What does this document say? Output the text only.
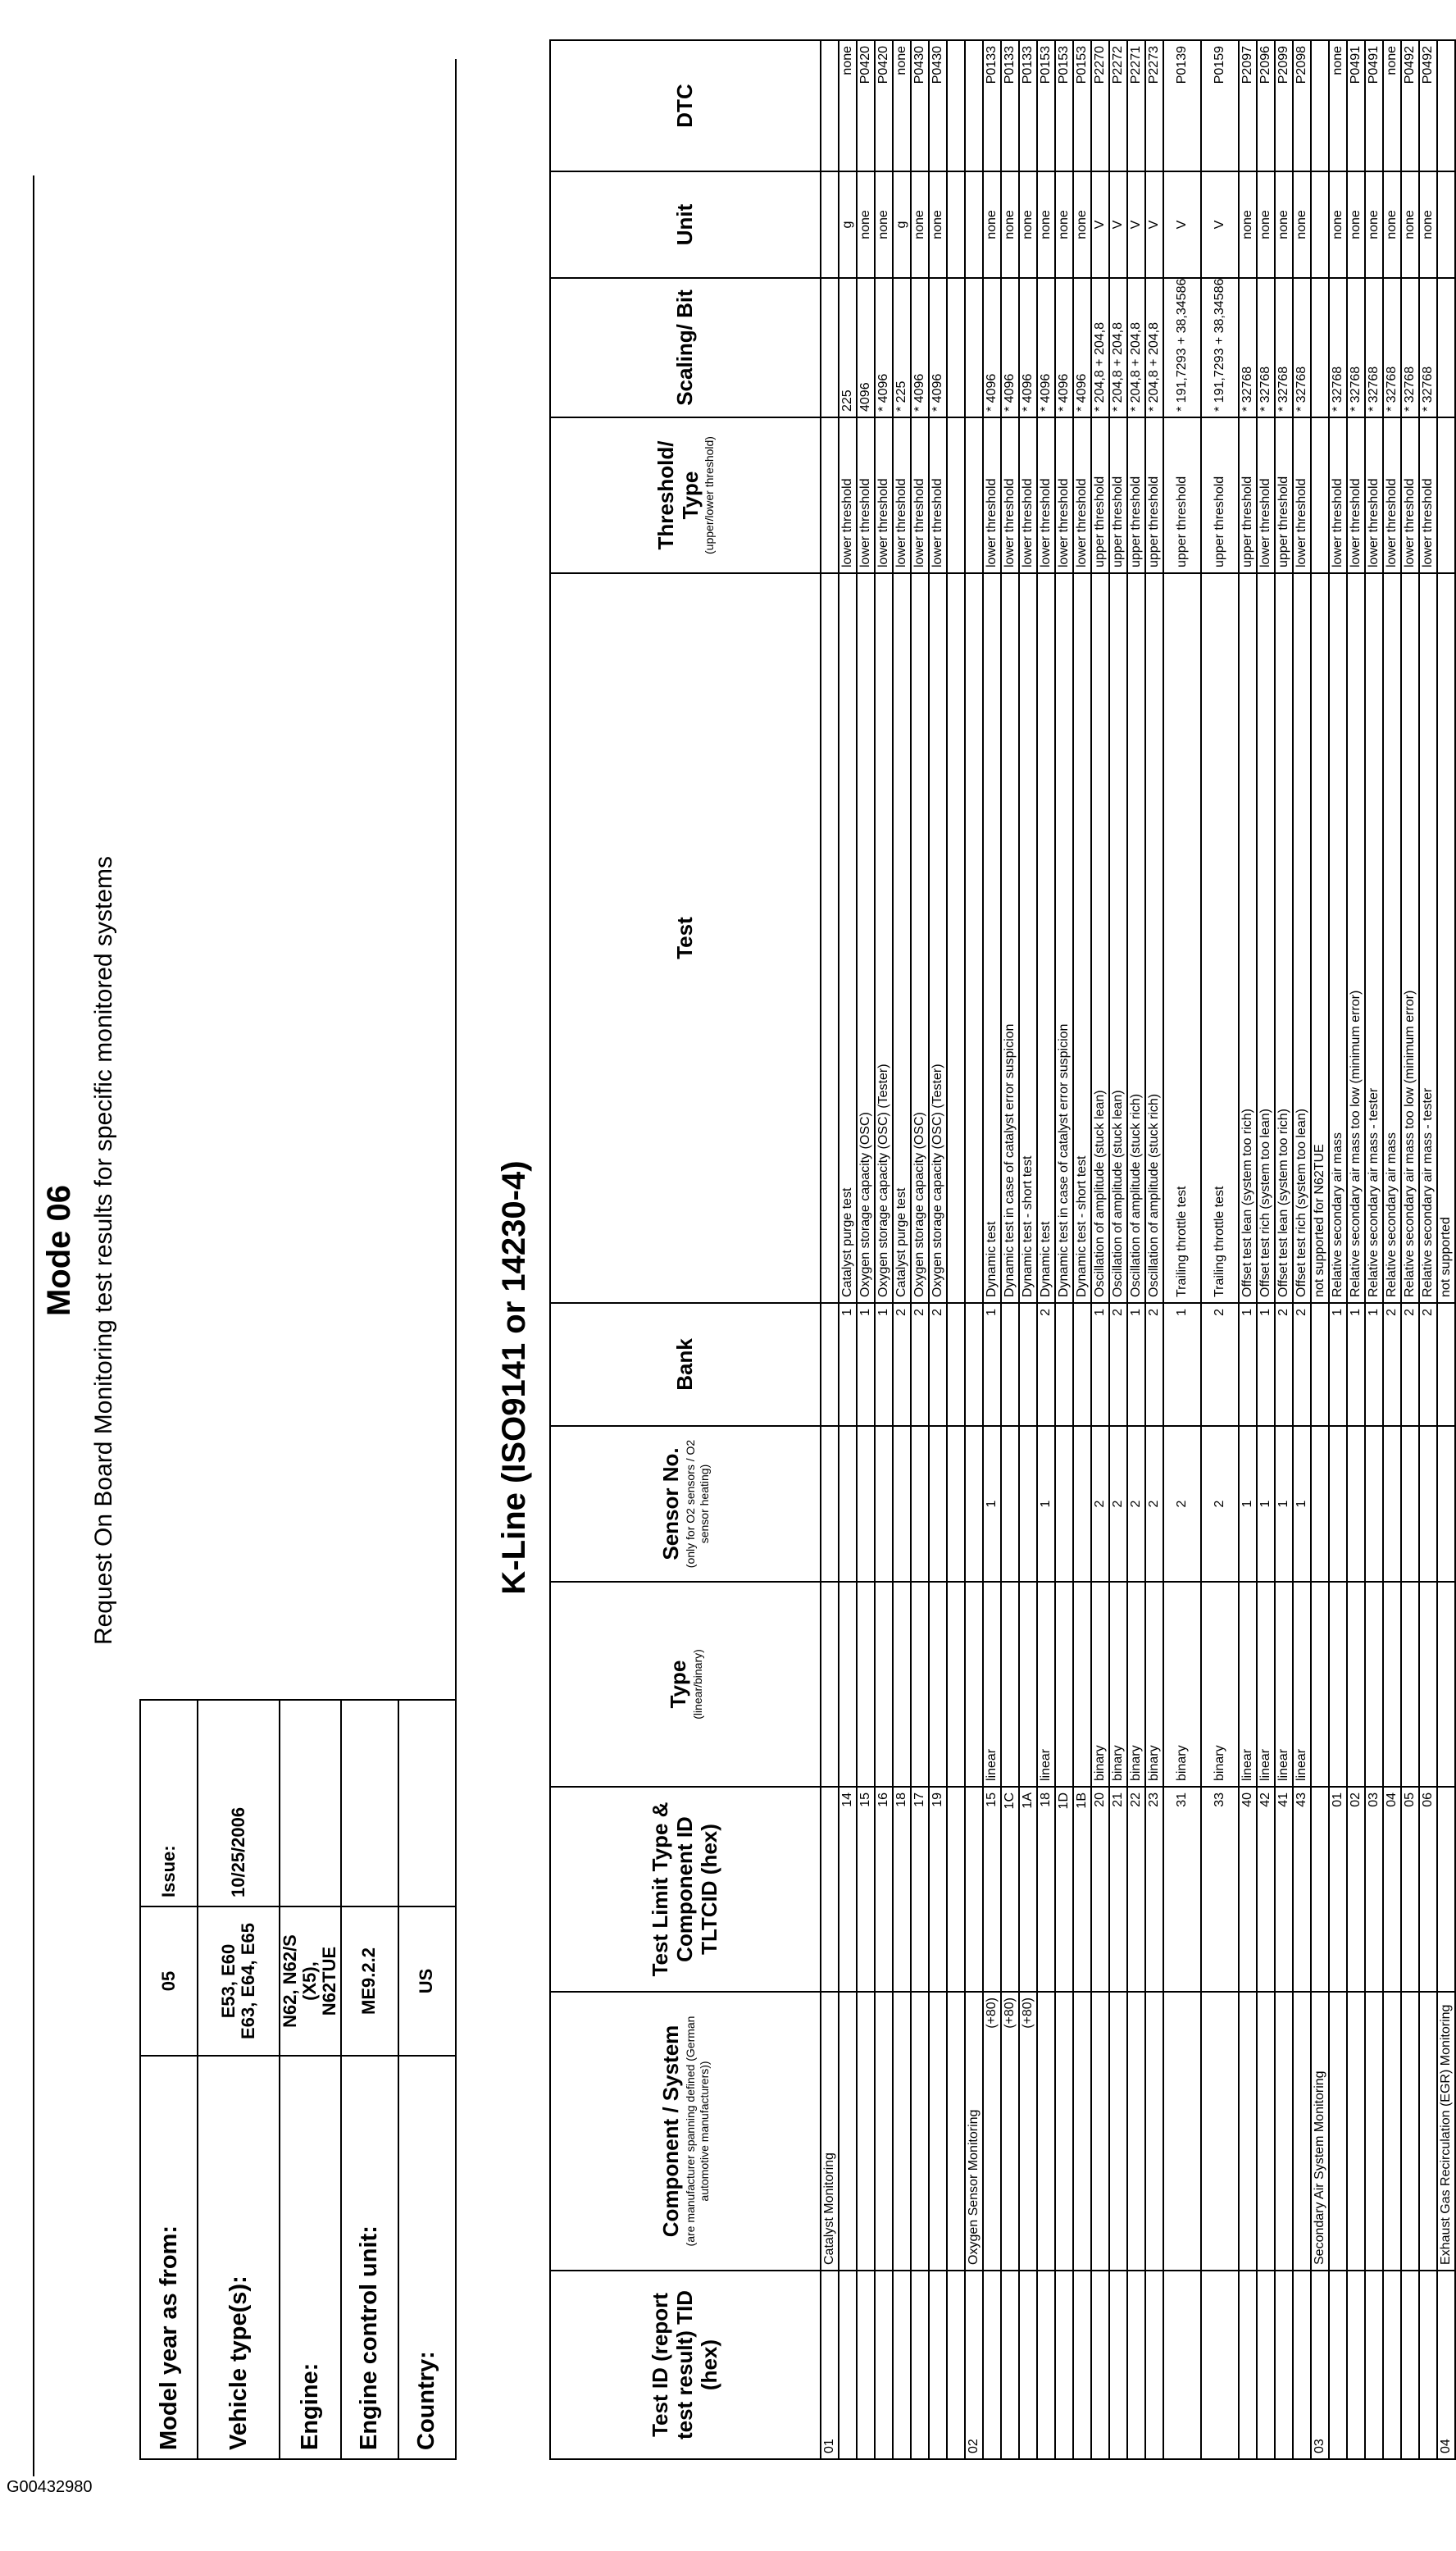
G00432980
Mode 06 Request On Board Monitoring test results for specific monitored systems
Model year as from:	05	Issue:	
Vehicle type(s):	E53, E60 E63, E64, E65	10/25/2006	
Engine:	N62, N62/S (X5), N62TUE		

Engine control unit:	ME9.2.2		
Country:	US		
K-Line (ISO9141 or 14230-4)
Test ID (report test result) TID (hex)	Component / System (are manufacturer spanning defined (German automotive manufacturers))	Test Limit Type & Component ID TLTCID (hex)	Type (linear/binary)	Sensor No. (only for O2 sensors / O2 sensor heating)	Bank	Test	Threshold/ Type (upper/lower threshold)	Scaling/ Bit	Unit	DTC
01	Catalyst Monitoring									
		14			1	Catalyst purge test	lower threshold	225	g	none
		15			1	Oxygen storage capacity (OSC)	lower threshold	4096	none	P0420
		16			1	Oxygen storage capacity (OSC) (Tester)	lower threshold	* 4096	none	P0420
		18			2	Catalyst purge test	lower threshold	* 225	g	none
		17			2	Oxygen storage capacity (OSC)	lower threshold	* 4096	none	P0430
		19			2	Oxygen storage capacity (OSC) (Tester)	lower threshold	* 4096	none	P0430

02	Oxygen Sensor Monitoring									

	(+80)	15	linear	1	1	Dynamic test	lower threshold	* 4096	none	P0133

	(+80)	1C				Dynamic test in case of catalyst error suspicion	lower threshold	* 4096	none	P0133

	(+80)	1A				Dynamic test - short test	lower threshold	* 4096	none	P0133
		18	linear	1	2	Dynamic test	lower threshold	* 4096	none	P0153
		1D				Dynamic test in case of catalyst error suspicion	lower threshold	* 4096	none	P0153
		1B				Dynamic test - short test	lower threshold	* 4096	none	P0153
		20	binary	2	1	Oscillation of amplitude (stuck lean)	upper threshold	* 204,8 + 204,8	V	P2270
		21	binary	2	2	Oscillation of amplitude (stuck lean)	upper threshold	* 204,8 + 204,8	V	P2272
		22	binary	2	1	Oscillation of amplitude (stuck rich)	upper threshold	* 204,8 + 204,8	V	P2271
		23	binary	2	2	Oscillation of amplitude (stuck rich)	upper threshold	* 204,8 + 204,8	V	P2273
		31	binary	2	1	Trailing throttle test	upper threshold	* 191,7293 + 38,34586	V	P0139
		33	binary	2	2	Trailing throttle test	upper threshold	* 191,7293 + 38,34586	V	P0159
		40	linear	1	1	Offset test lean (system too rich)	upper threshold	* 32768	none	P2097
		42	linear	1	1	Offset test rich (system too lean)	lower threshold	* 32768	none	P2096
		41	linear	1	2	Offset test lean (system too rich)	upper threshold	* 32768	none	P2099
		43	linear	1	2	Offset test rich (system too lean)	lower threshold	* 32768	none	P2098
03	Secondary Air System Monitoring					not supported for N62TUE				
		01			1	Relative secondary air mass	lower threshold	* 32768	none	none
		02			1	Relative secondary air mass too low (minimum error)	lower threshold	* 32768	none	P0491
		03			1	Relative secondary air mass - tester	lower threshold	* 32768	none	P0491
		04			2	Relative secondary air mass	lower threshold	* 32768	none	none
		05			2	Relative secondary air mass too low (minimum error)	lower threshold	* 32768	none	P0492
		06			2	Relative secondary air mass - tester	lower threshold	* 32768	none	P0492
04	Exhaust Gas Recirculation (EGR) Monitoring					not supported				
